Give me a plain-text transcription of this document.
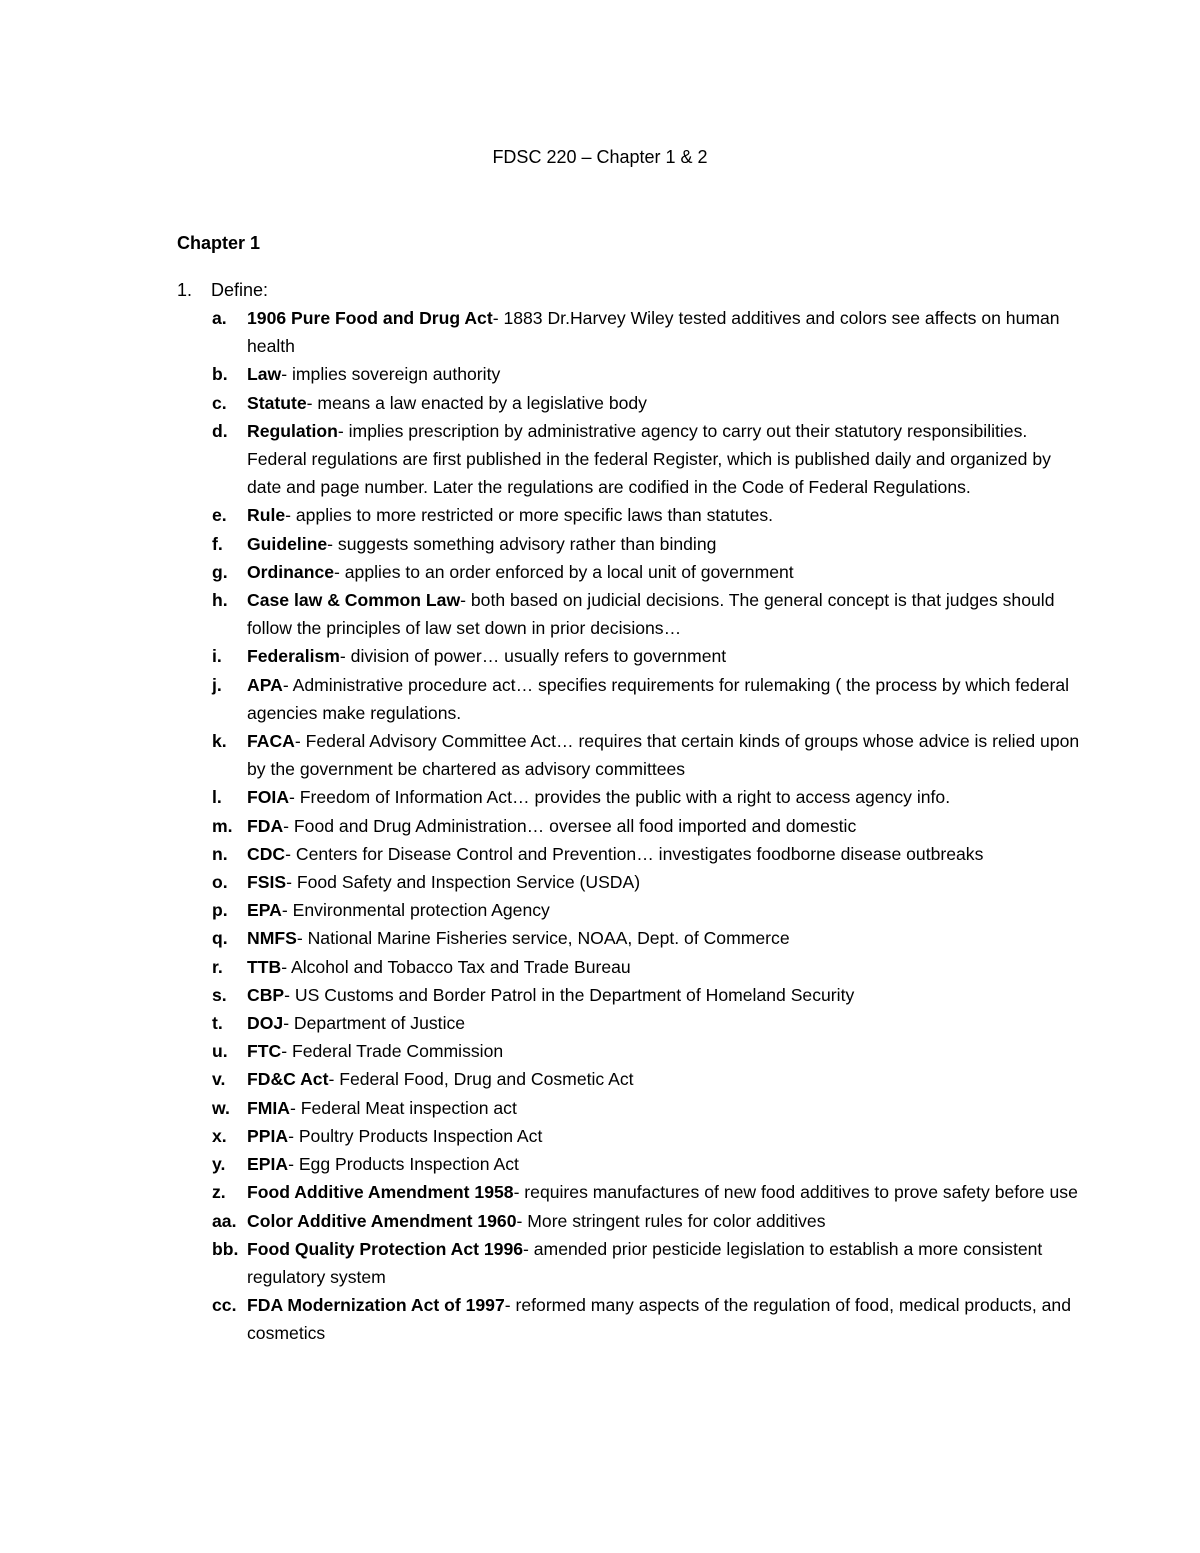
FDSC 220 – Chapter 1 & 2
Chapter 1
1. Define:
a.	1906 Pure Food and Drug Act- 1883 Dr.Harvey Wiley tested additives and colors see affects on human health
b.	Law- implies sovereign authority
c.	Statute- means a law enacted by a legislative body
d.	Regulation- implies prescription by administrative agency to carry out their statutory responsibilities. Federal regulations are first published in the federal Register, which is published daily and organized by date and page number. Later the regulations are codified in the Code of Federal Regulations.
e.	Rule- applies to more restricted or more specific laws than statutes.
f.	Guideline- suggests something advisory rather than binding
g.	Ordinance- applies to an order enforced by a local unit of government
h.	Case law & Common Law- both based on judicial decisions. The general concept is that judges should follow the principles of law set down in prior decisions…
i.	Federalism- division of power… usually refers to government
j.	APA- Administrative procedure act… specifies requirements for rulemaking ( the process by which federal agencies make regulations.
k.	FACA- Federal Advisory Committee Act… requires that certain kinds of groups whose advice is relied upon by the government be chartered as advisory committees
l.	FOIA- Freedom of Information Act… provides the public with a right to access agency info.
m. FDA- Food and Drug Administration… oversee all food imported and domestic
n.	CDC- Centers for Disease Control and Prevention… investigates foodborne disease outbreaks
o.	FSIS- Food Safety and Inspection Service (USDA)
p.	EPA- Environmental protection Agency
q.	NMFS- National Marine Fisheries service, NOAA, Dept. of Commerce
r.	TTB- Alcohol and Tobacco Tax and Trade Bureau
s.	CBP- US Customs and Border Patrol in the Department of Homeland Security
t.	DOJ- Department of Justice
u.	FTC- Federal Trade Commission
v.	FD&C Act- Federal Food, Drug and Cosmetic Act
w. FMIA- Federal Meat inspection act
x.	PPIA- Poultry Products Inspection Act
y.	EPIA- Egg Products Inspection Act
z.	Food Additive Amendment 1958- requires manufactures of new food additives to prove safety before use
aa. Color Additive Amendment 1960- More stringent rules for color additives
bb. Food Quality Protection Act 1996- amended prior pesticide legislation to establish a more consistent regulatory system
cc. FDA Modernization Act of 1997- reformed many aspects of the regulation of food, medical products, and cosmetics
